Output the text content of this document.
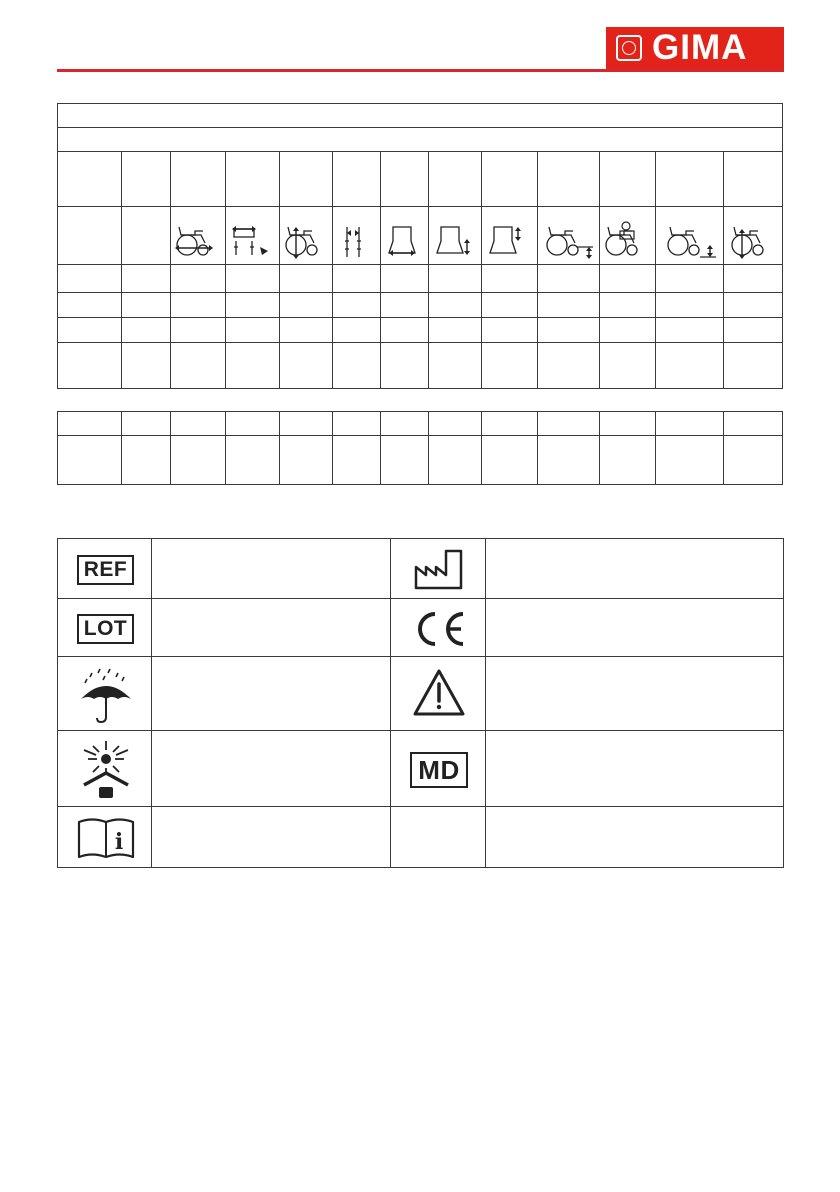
GIMA
REF
LOT
MD
i
